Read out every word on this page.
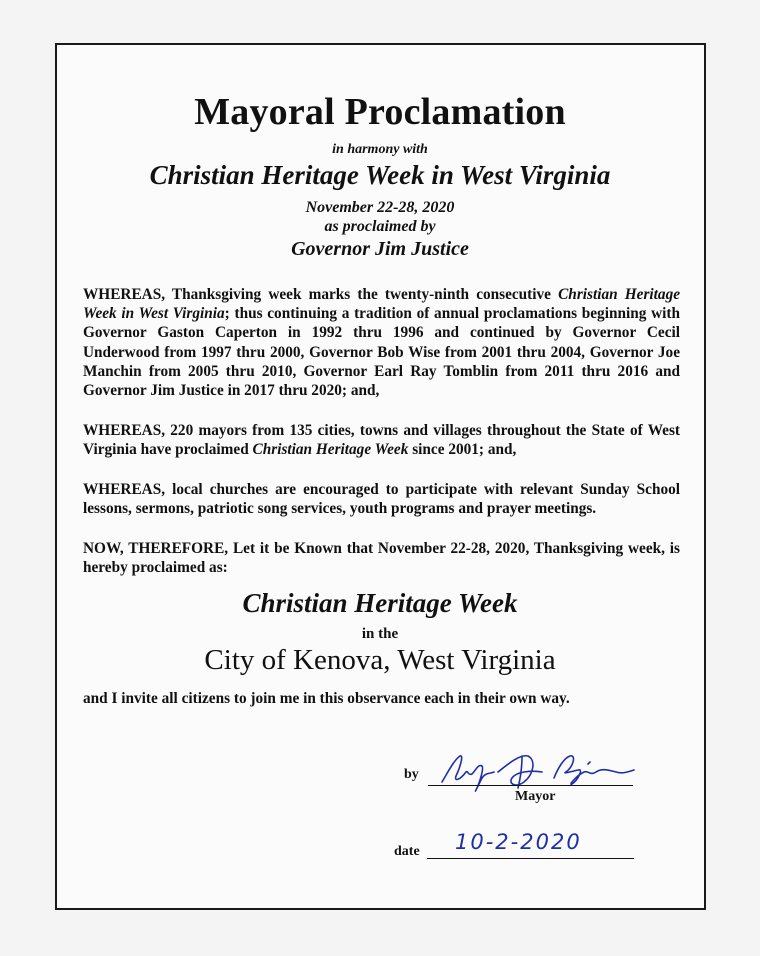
Mayoral Proclamation
in harmony with
Christian Heritage Week in West Virginia
November 22-28, 2020
as proclaimed by
Governor Jim Justice

WHEREAS, Thanksgiving week marks the twenty-ninth consecutive Christian Heritage Week in West Virginia; thus continuing a tradition of annual proclamations beginning with Governor Gaston Caperton in 1992 thru 1996 and continued by Governor Cecil Underwood from 1997 thru 2000, Governor Bob Wise from 2001 thru 2004, Governor Joe Manchin from 2005 thru 2010, Governor Earl Ray Tomblin from 2011 thru 2016 and Governor Jim Justice in 2017 thru 2020; and,

WHEREAS, 220 mayors from 135 cities, towns and villages throughout the State of West Virginia have proclaimed Christian Heritage Week since 2001; and,

WHEREAS, local churches are encouraged to participate with relevant Sunday School lessons, sermons, patriotic song services, youth programs and prayer meetings.

NOW, THEREFORE, Let it be Known that November 22-28, 2020, Thanksgiving week, is hereby proclaimed as:

Christian Heritage Week
in the
City of Kenova, West Virginia
and I invite all citizens to join me in this observance each in their own way.
by
Mayor
date 10-2-2020
